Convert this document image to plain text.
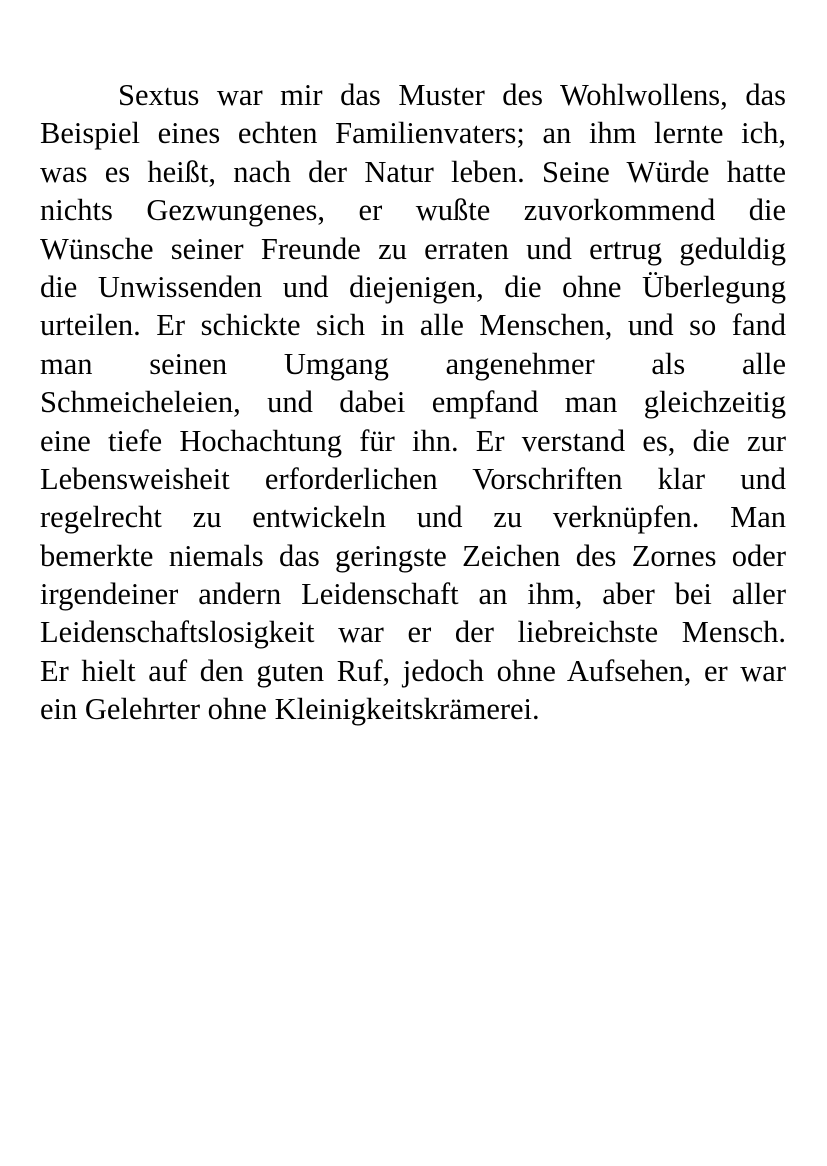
Sextus war mir das Muster des Wohlwollens, das
Beispiel eines echten Familienvaters; an ihm lernte ich,
was es heißt, nach der Natur leben. Seine Würde hatte
nichts Gezwungenes, er wußte zuvorkommend die
Wünsche seiner Freunde zu erraten und ertrug geduldig
die Unwissenden und diejenigen, die ohne Überlegung
urteilen. Er schickte sich in alle Menschen, und so fand
man seinen Umgang angenehmer als alle
Schmeicheleien, und dabei empfand man gleichzeitig
eine tiefe Hochachtung für ihn. Er verstand es, die zur
Lebensweisheit erforderlichen Vorschriften klar und
regelrecht zu entwickeln und zu verknüpfen. Man
bemerkte niemals das geringste Zeichen des Zornes oder
irgendeiner andern Leidenschaft an ihm, aber bei aller
Leidenschaftslosigkeit war er der liebreichste Mensch.
Er hielt auf den guten Ruf, jedoch ohne Aufsehen, er war
ein Gelehrter ohne Kleinigkeitskrämerei.
